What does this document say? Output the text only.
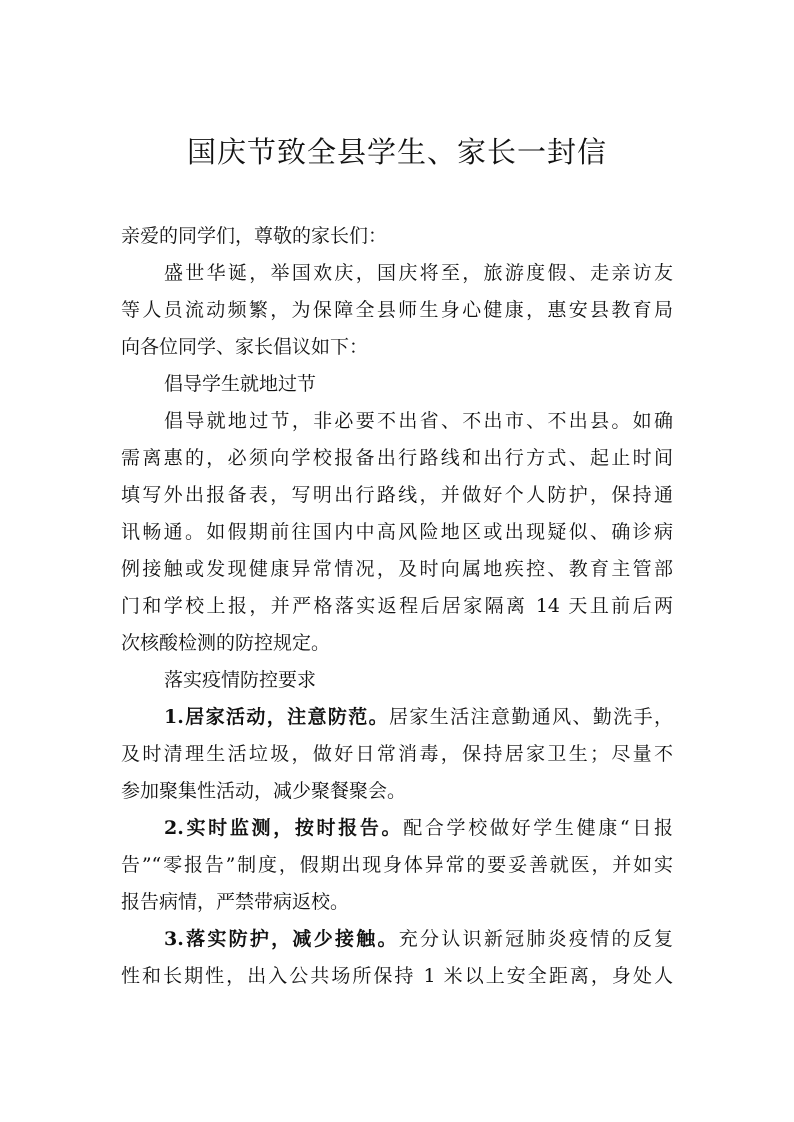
国庆节致全县学生、家长一封信
亲爱的同学们，尊敬的家长们：
盛世华诞，举国欢庆，国庆将至，旅游度假、走亲访友
等人员流动频繁，为保障全县师生身心健康，惠安县教育局
向各位同学、家长倡议如下：
倡导学生就地过节
倡导就地过节，非必要不出省、不出市、不出县。如确
需离惠的，必须向学校报备出行路线和出行方式、起止时间
填写外出报备表，写明出行路线，并做好个人防护，保持通
讯畅通。如假期前往国内中高风险地区或出现疑似、确诊病
例接触或发现健康异常情况，及时向属地疾控、教育主管部
门和学校上报，并严格落实返程后居家隔离 14 天且前后两
次核酸检测的防控规定。
落实疫情防控要求
1.居家活动，注意防范。居家生活注意勤通风、勤洗手，
及时清理生活垃圾，做好日常消毒，保持居家卫生；尽量不
参加聚集性活动，减少聚餐聚会。
2.实时监测，按时报告。配合学校做好学生健康“日报
告”“零报告”制度，假期出现身体异常的要妥善就医，并如实
报告病情，严禁带病返校。
3.落实防护，减少接触。充分认识新冠肺炎疫情的反复
性和长期性，出入公共场所保持 1 米以上安全距离，身处人
